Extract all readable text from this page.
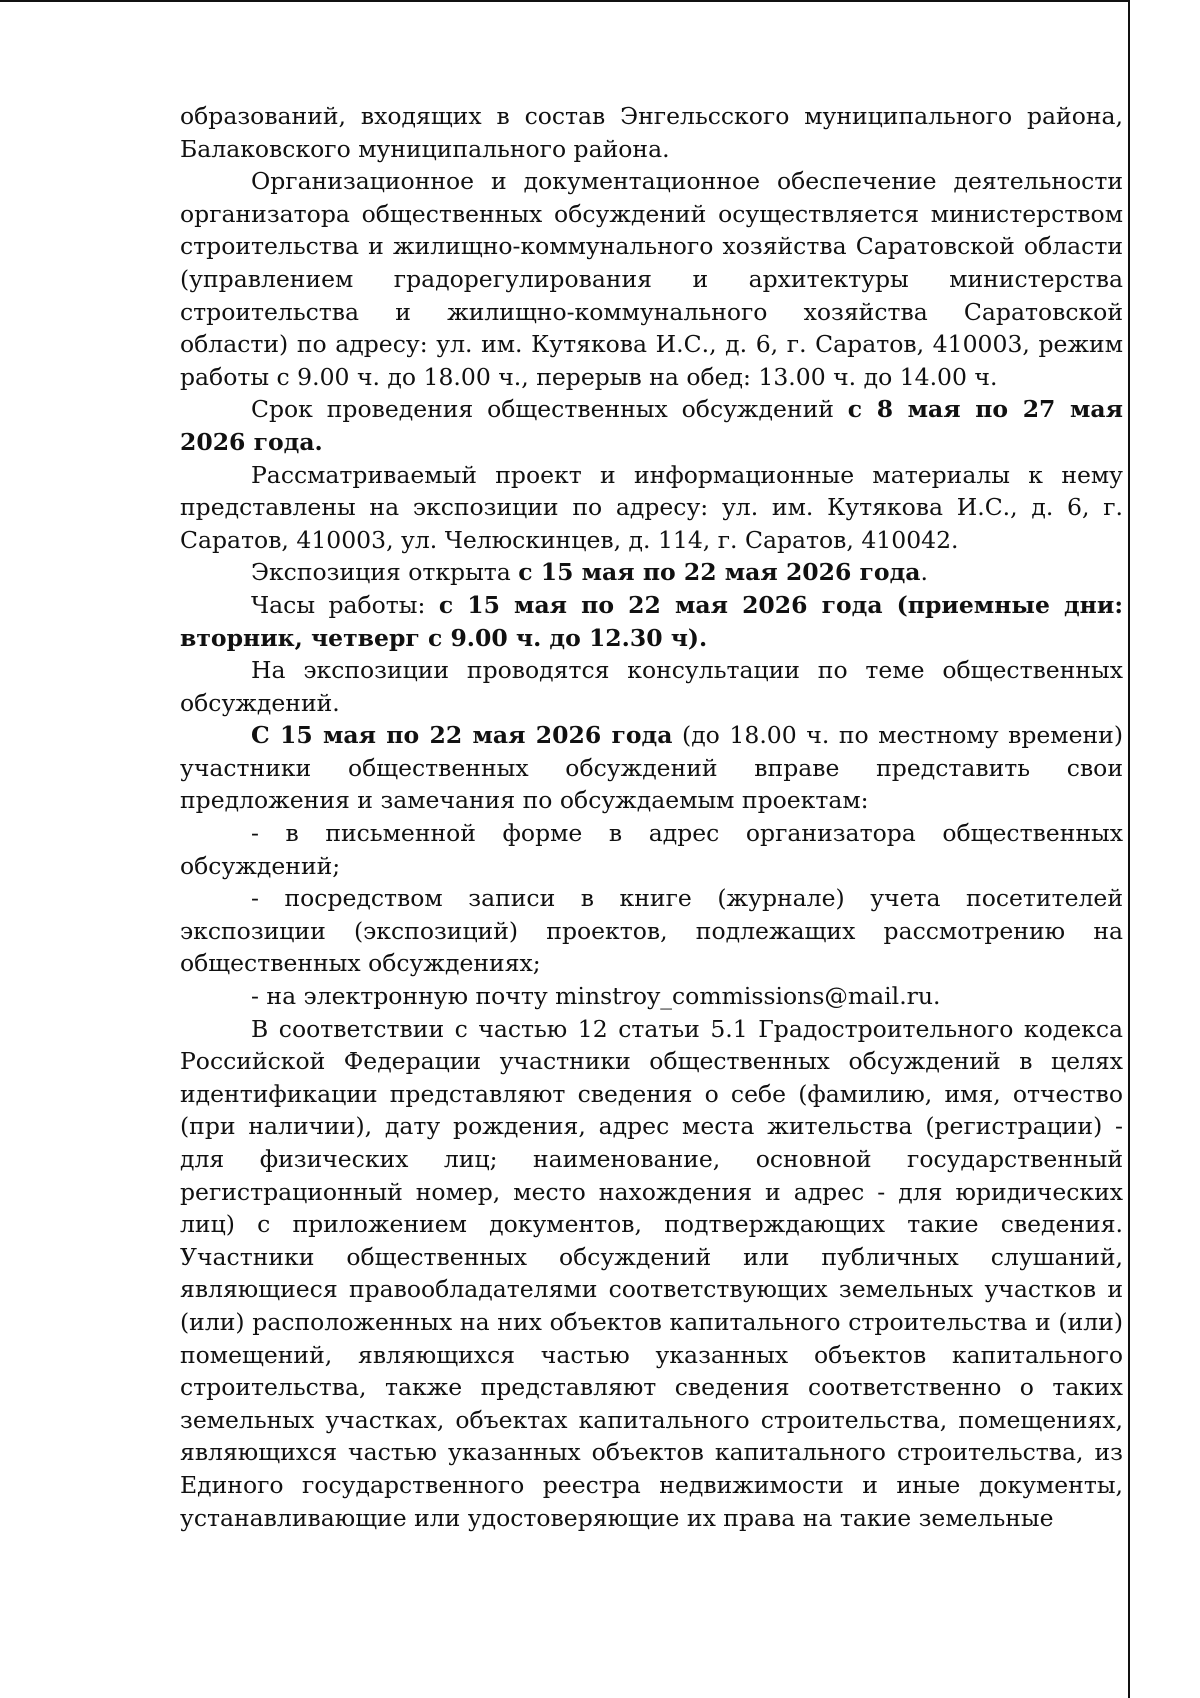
образований, входящих в состав Энгельсского муниципального района, Балаковского муниципального района.

Организационное и документационное обеспечение деятельности организатора общественных обсуждений осуществляется министерством строительства и жилищно-коммунального хозяйства Саратовской области (управлением градорегулирования и архитектуры министерства строительства и жилищно-коммунального хозяйства Саратовской области) по адресу: ул. им. Кутякова И.С., д. 6, г. Саратов, 410003, режим работы с 9.00 ч. до 18.00 ч., перерыв на обед: 13.00 ч. до 14.00 ч.

Срок проведения общественных обсуждений с 8 мая по 27 мая 2026 года.

Рассматриваемый проект и информационные материалы к нему представлены на экспозиции по адресу: ул. им. Кутякова И.С., д. 6, г. Саратов, 410003, ул. Челюскинцев, д. 114, г. Саратов, 410042.

Экспозиция открыта с 15 мая по 22 мая 2026 года.

Часы работы: с 15 мая по 22 мая 2026 года (приемные дни: вторник, четверг с 9.00 ч. до 12.30 ч).

На экспозиции проводятся консультации по теме общественных обсуждений.

С 15 мая по 22 мая 2026 года (до 18.00 ч. по местному времени) участники общественных обсуждений вправе представить свои предложения и замечания по обсуждаемым проектам:

- в письменной форме в адрес организатора общественных обсуждений;

- посредством записи в книге (журнале) учета посетителей экспозиции (экспозиций) проектов, подлежащих рассмотрению на общественных обсуждениях;

- на электронную почту minstroy_commissions@mail.ru.

В соответствии с частью 12 статьи 5.1 Градостроительного кодекса Российской Федерации участники общественных обсуждений в целях идентификации представляют сведения о себе (фамилию, имя, отчество (при наличии), дату рождения, адрес места жительства (регистрации) - для физических лиц; наименование, основной государственный регистрационный номер, место нахождения и адрес - для юридических лиц) с приложением документов, подтверждающих такие сведения. Участники общественных обсуждений или публичных слушаний, являющиеся правообладателями соответствующих земельных участков и (или) расположенных на них объектов капитального строительства и (или) помещений, являющихся частью указанных объектов капитального строительства, также представляют сведения соответственно о таких земельных участках, объектах капитального строительства, помещениях, являющихся частью указанных объектов капитального строительства, из Единого государственного реестра недвижимости и иные документы, устанавливающие или удостоверяющие их права на такие земельные
